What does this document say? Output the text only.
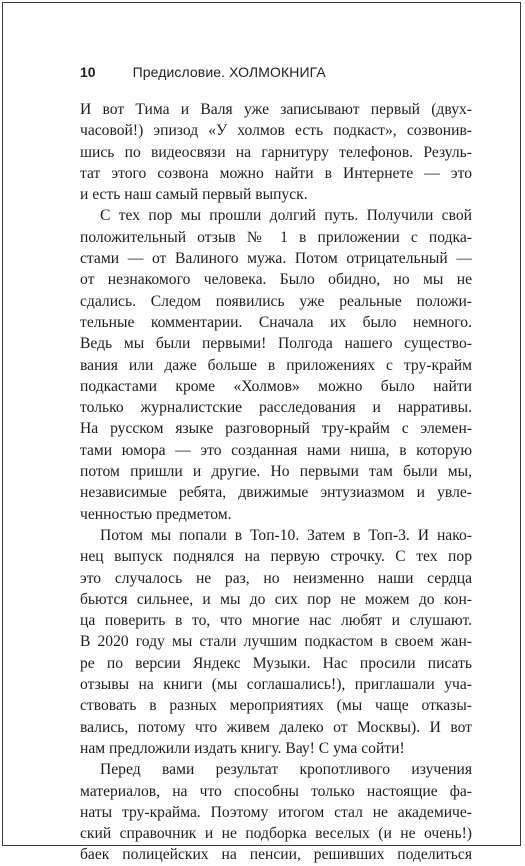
10	Предисловие. ХОЛМОКНИГА
И вот Тима и Валя уже записывают первый (двух-
часовой!) эпизод «У холмов есть подкаст», созвонив-
шись по видеосвязи на гарнитуру телефонов. Резуль-
тат этого созвона можно найти в Интернете — это
и есть наш самый первый выпуск.
С тех пор мы прошли долгий путь. Получили свой
положительный отзыв № 1 в приложении с подка-
стами — от Валиного мужа. Потом отрицательный —
от незнакомого человека. Было обидно, но мы не
сдались. Следом появились уже реальные положи-
тельные комментарии. Сначала их было немного.
Ведь мы были первыми! Полгода нашего существо-
вания или даже больше в приложениях с тру-крайм
подкастами кроме «Холмов» можно было найти
только журналистские расследования и нарративы.
На русском языке разговорный тру-крайм с элемен-
тами юмора — это созданная нами ниша, в которую
потом пришли и другие. Но первыми там были мы,
независимые ребята, движимые энтузиазмом и увле-
ченностью предметом.
Потом мы попали в Топ-10. Затем в Топ-3. И нако-
нец выпуск поднялся на первую строчку. С тех пор
это случалось не раз, но неизменно наши сердца
бьются сильнее, и мы до сих пор не можем до кон-
ца поверить в то, что многие нас любят и слушают.
В 2020 году мы стали лучшим подкастом в своем жан-
ре по версии Яндекс Музыки. Нас просили писать
отзывы на книги (мы соглашались!), приглашали уча-
ствовать в разных мероприятиях (мы чаще отказы-
вались, потому что живем далеко от Москвы). И вот
нам предложили издать книгу. Вау! С ума сойти!
Перед вами результат кропотливого изучения
материалов, на что способны только настоящие фа-
наты тру-крайма. Поэтому итогом стал не академиче-
ский справочник и не подборка веселых (и не очень!)
баек полицейских на пенсии, решивших поделиться
